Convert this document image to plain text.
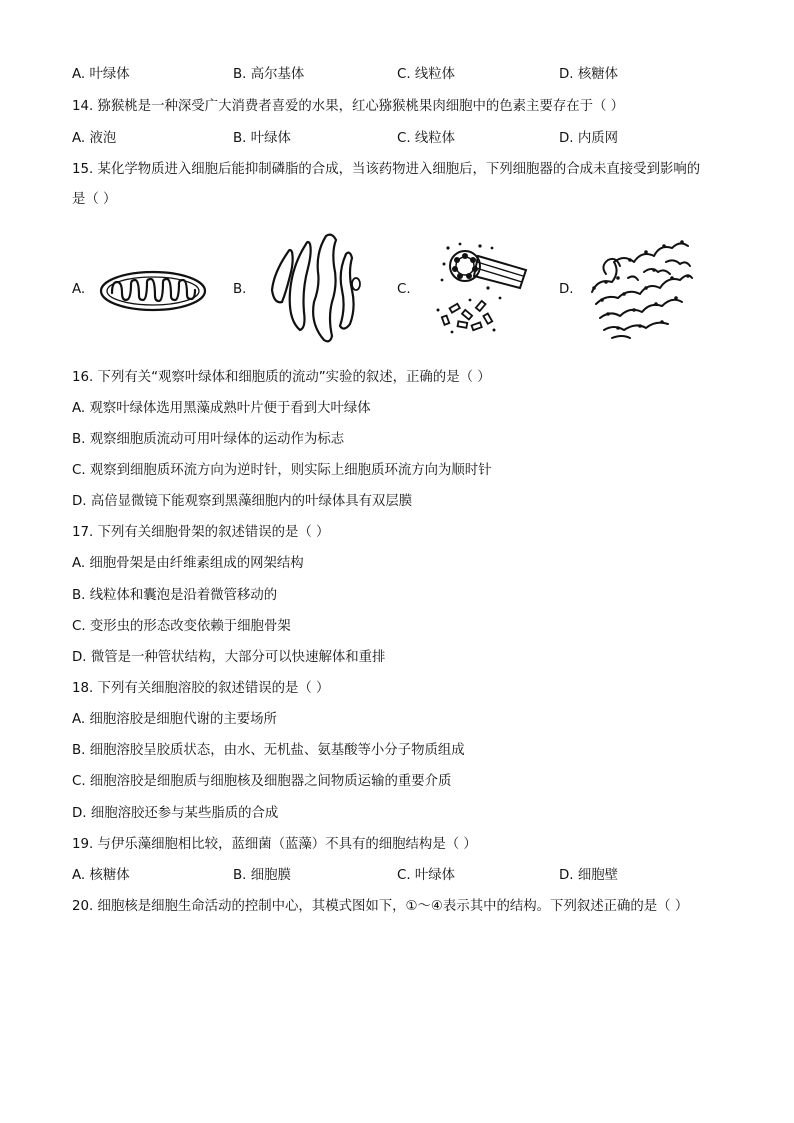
A. 叶绿体	B. 高尔基体	C. 线粒体	D. 核糖体
14. 猕猴桃是一种深受广大消费者喜爱的水果，红心猕猴桃果肉细胞中的色素主要存在于（ ）
A. 液泡	B. 叶绿体	C. 线粒体	D. 内质网
15. 某化学物质进入细胞后能抑制磷脂的合成，当该药物进入细胞后，下列细胞器的合成未直接受到影响的
是（ ）
A.	B.	C.	D.
16. 下列有关“观察叶绿体和细胞质的流动”实验的叙述，正确的是（ ）
A. 观察叶绿体选用黑藻成熟叶片便于看到大叶绿体
B. 观察细胞质流动可用叶绿体的运动作为标志
C. 观察到细胞质环流方向为逆时针，则实际上细胞质环流方向为顺时针
D. 高倍显微镜下能观察到黑藻细胞内的叶绿体具有双层膜
17. 下列有关细胞骨架的叙述错误的是（ ）
A. 细胞骨架是由纤维素组成的网架结构
B. 线粒体和囊泡是沿着微管移动的
C. 变形虫的形态改变依赖于细胞骨架
D. 微管是一种管状结构，大部分可以快速解体和重排
18. 下列有关细胞溶胶的叙述错误的是（ ）
A. 细胞溶胶是细胞代谢的主要场所
B. 细胞溶胶呈胶质状态，由水、无机盐、氨基酸等小分子物质组成
C. 细胞溶胶是细胞质与细胞核及细胞器之间物质运输的重要介质
D. 细胞溶胶还参与某些脂质的合成
19. 与伊乐藻细胞相比较，蓝细菌（蓝藻）不具有的细胞结构是（ ）
A. 核糖体	B. 细胞膜	C. 叶绿体	D. 细胞壁
20. 细胞核是细胞生命活动的控制中心，其模式图如下，①～④表示其中的结构。下列叙述正确的是（ ）
